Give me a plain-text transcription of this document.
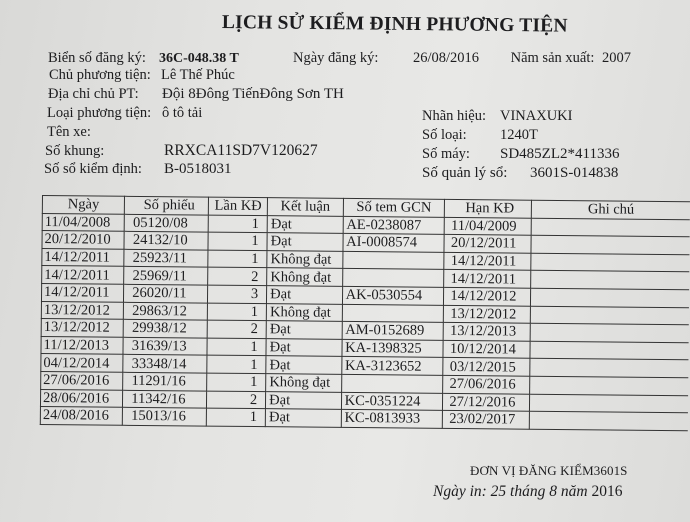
LỊCH SỬ KIỂM ĐỊNH PHƯƠNG TIỆN
Biển số đăng ký: 36C-048.38 T	Ngày đăng ký: 26/08/2016 Năm sản xuất: 2007
Chủ phương tiện: Lê Thế Phúc
Địa chỉ chủ PT: Đội 8Đông TiếnĐông Sơn TH
Loại phương tiện: ô tô tải
Tên xe:
Số khung:	RRXCA11SD7V120627
Số sổ kiểm định: B-0518031
Nhãn hiệu: VINAXUKI
Số loại: 1240T
Số máy: SD485ZL2*411336
Số quản lý sổ: 3601S-014838
Ngày	Số phiếu	Lần KĐ	Kết luận	Số tem GCN	Hạn KĐ	Ghi chú
11/04/2008	05120/08	1	Đạt	AE-0238087	11/04/2009	
20/12/2010	24132/10	1	Đạt	AI-0008574	20/12/2011	
14/12/2011	25923/11	1	Không đạt		14/12/2011	
14/12/2011	25969/11	2	Không đạt		14/12/2011	
14/12/2011	26020/11	3	Đạt	AK-0530554	14/12/2012	
13/12/2012	29863/12	1	Không đạt		13/12/2012	
13/12/2012	29938/12	2	Đạt	AM-0152689	13/12/2013	
11/12/2013	31639/13	1	Đạt	KA-1398325	10/12/2014	
04/12/2014	33348/14	1	Đạt	KA-3123652	03/12/2015	
27/06/2016	11291/16	1	Không đạt		27/06/2016	
28/06/2016	11342/16	2	Đạt	KC-0351224	27/12/2016	
24/08/2016	15013/16	1	Đạt	KC-0813933	23/02/2017	
ĐƠN VỊ ĐĂNG KIỂM3601S
Ngày in: 25 tháng 8 năm 2016
